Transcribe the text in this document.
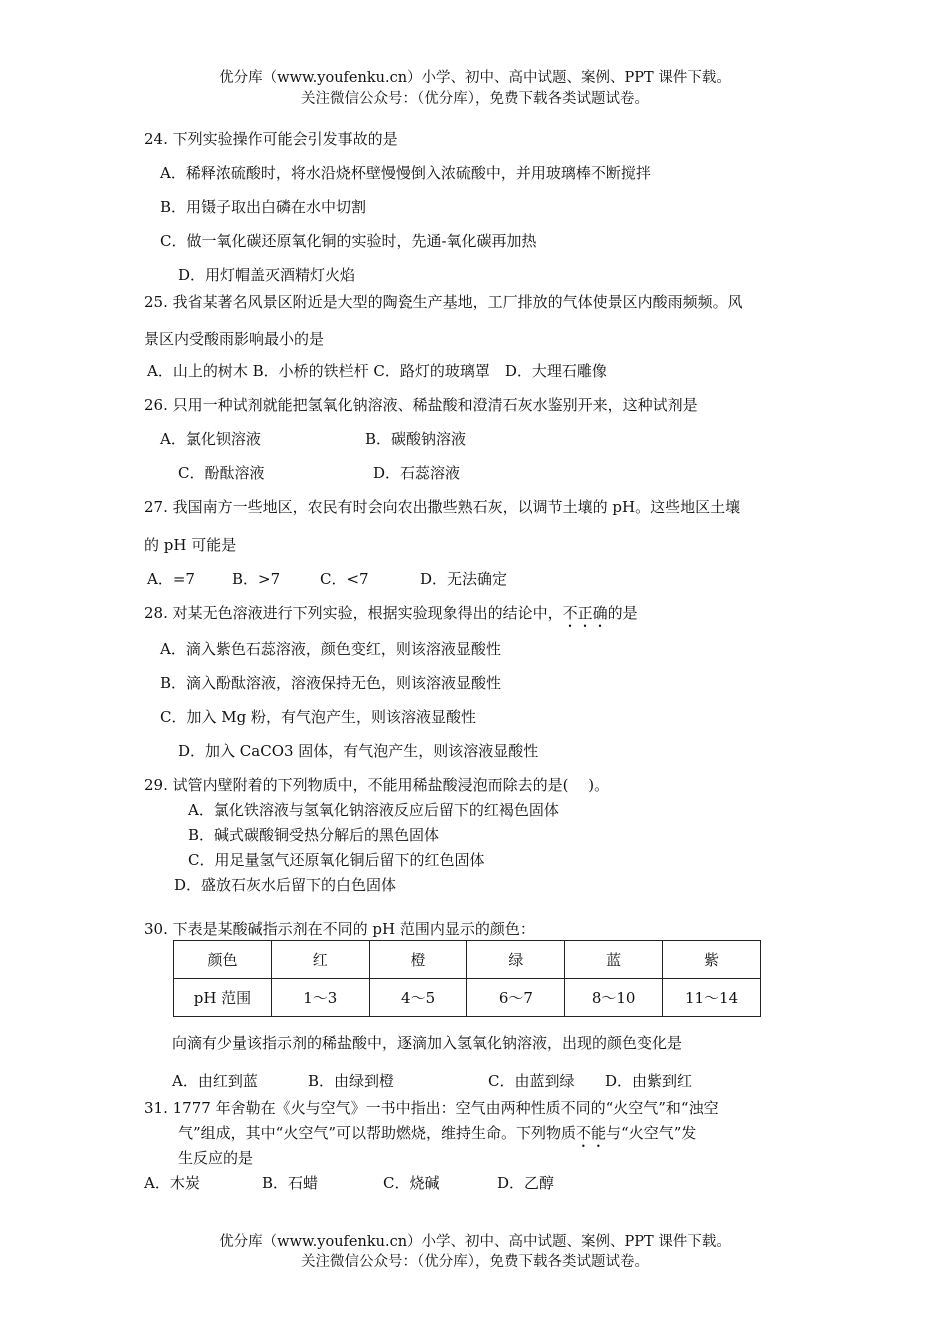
优分库（www.youfenku.cn）小学、初中、高中试题、案例、PPT 课件下载。
关注微信公众号：（优分库），免费下载各类试题试卷。
24. 下列实验操作可能会引发事故的是
A．稀释浓硫酸时，将水沿烧杯壁慢慢倒入浓硫酸中，并用玻璃棒不断搅拌
B．用镊子取出白磷在水中切割
C．做一氧化碳还原氧化铜的实验时，先通-氧化碳再加热
D．用灯帽盖灭酒精灯火焰
25. 我省某著名风景区附近是大型的陶瓷生产基地，工厂排放的气体使景区内酸雨频频。风
景区内受酸雨影响最小的是
A．山上的树木 B．小桥的铁栏杆 C．路灯的玻璃罩　D．大理石雕像
26. 只用一种试剂就能把氢氧化钠溶液、稀盐酸和澄清石灰水鉴别开来，这种试剂是
A．氯化钡溶液	B．碳酸钠溶液
C．酚酞溶液	D．石蕊溶液
27. 我国南方一些地区，农民有时会向农出撒些熟石灰，以调节土壤的 pH。这些地区土壤
的 pH 可能是
A．=7 B．>7	C．<7	D．无法确定
28. 对某无色溶液进行下列实验，根据实验现象得出的结论中，不正确的是
A．滴入紫色石蕊溶液，颜色变红，则该溶液显酸性
B．滴入酚酞溶液，溶液保持无色，则该溶液显酸性
C．加入 Mg 粉，有气泡产生，则该溶液显酸性
D．加入 CaCO3 固体，有气泡产生，则该溶液显酸性
29. 试管内壁附着的下列物质中，不能用稀盐酸浸泡而除去的是(　 )。
A．氯化铁溶液与氢氧化钠溶液反应后留下的红褐色固体
B．碱式碳酸铜受热分解后的黑色固体
C．用足量氢气还原氧化铜后留下的红色固体
D．盛放石灰水后留下的白色固体
30. 下表是某酸碱指示剂在不同的 pH 范围内显示的颜色：
颜色	红	橙	绿	蓝	紫
pH 范围	1～3	4～5	6～7	8～10	11～14
向滴有少量该指示剂的稀盐酸中，逐滴加入氢氧化钠溶液，出现的颜色变化是
A．由红到蓝	B．由绿到橙	C．由蓝到绿 D．由紫到红
31. 1777 年舍勒在《火与空气》一书中指出：空气由两种性质不同的“火空气”和“浊空
气”组成，其中“火空气”可以帮助燃烧，维持生命。下列物质不能与“火空气”发
生反应的是
A．木炭	B．石蜡	C．烧碱	D．乙醇
优分库（www.youfenku.cn）小学、初中、高中试题、案例、PPT 课件下载。
关注微信公众号：（优分库），免费下载各类试题试卷。
